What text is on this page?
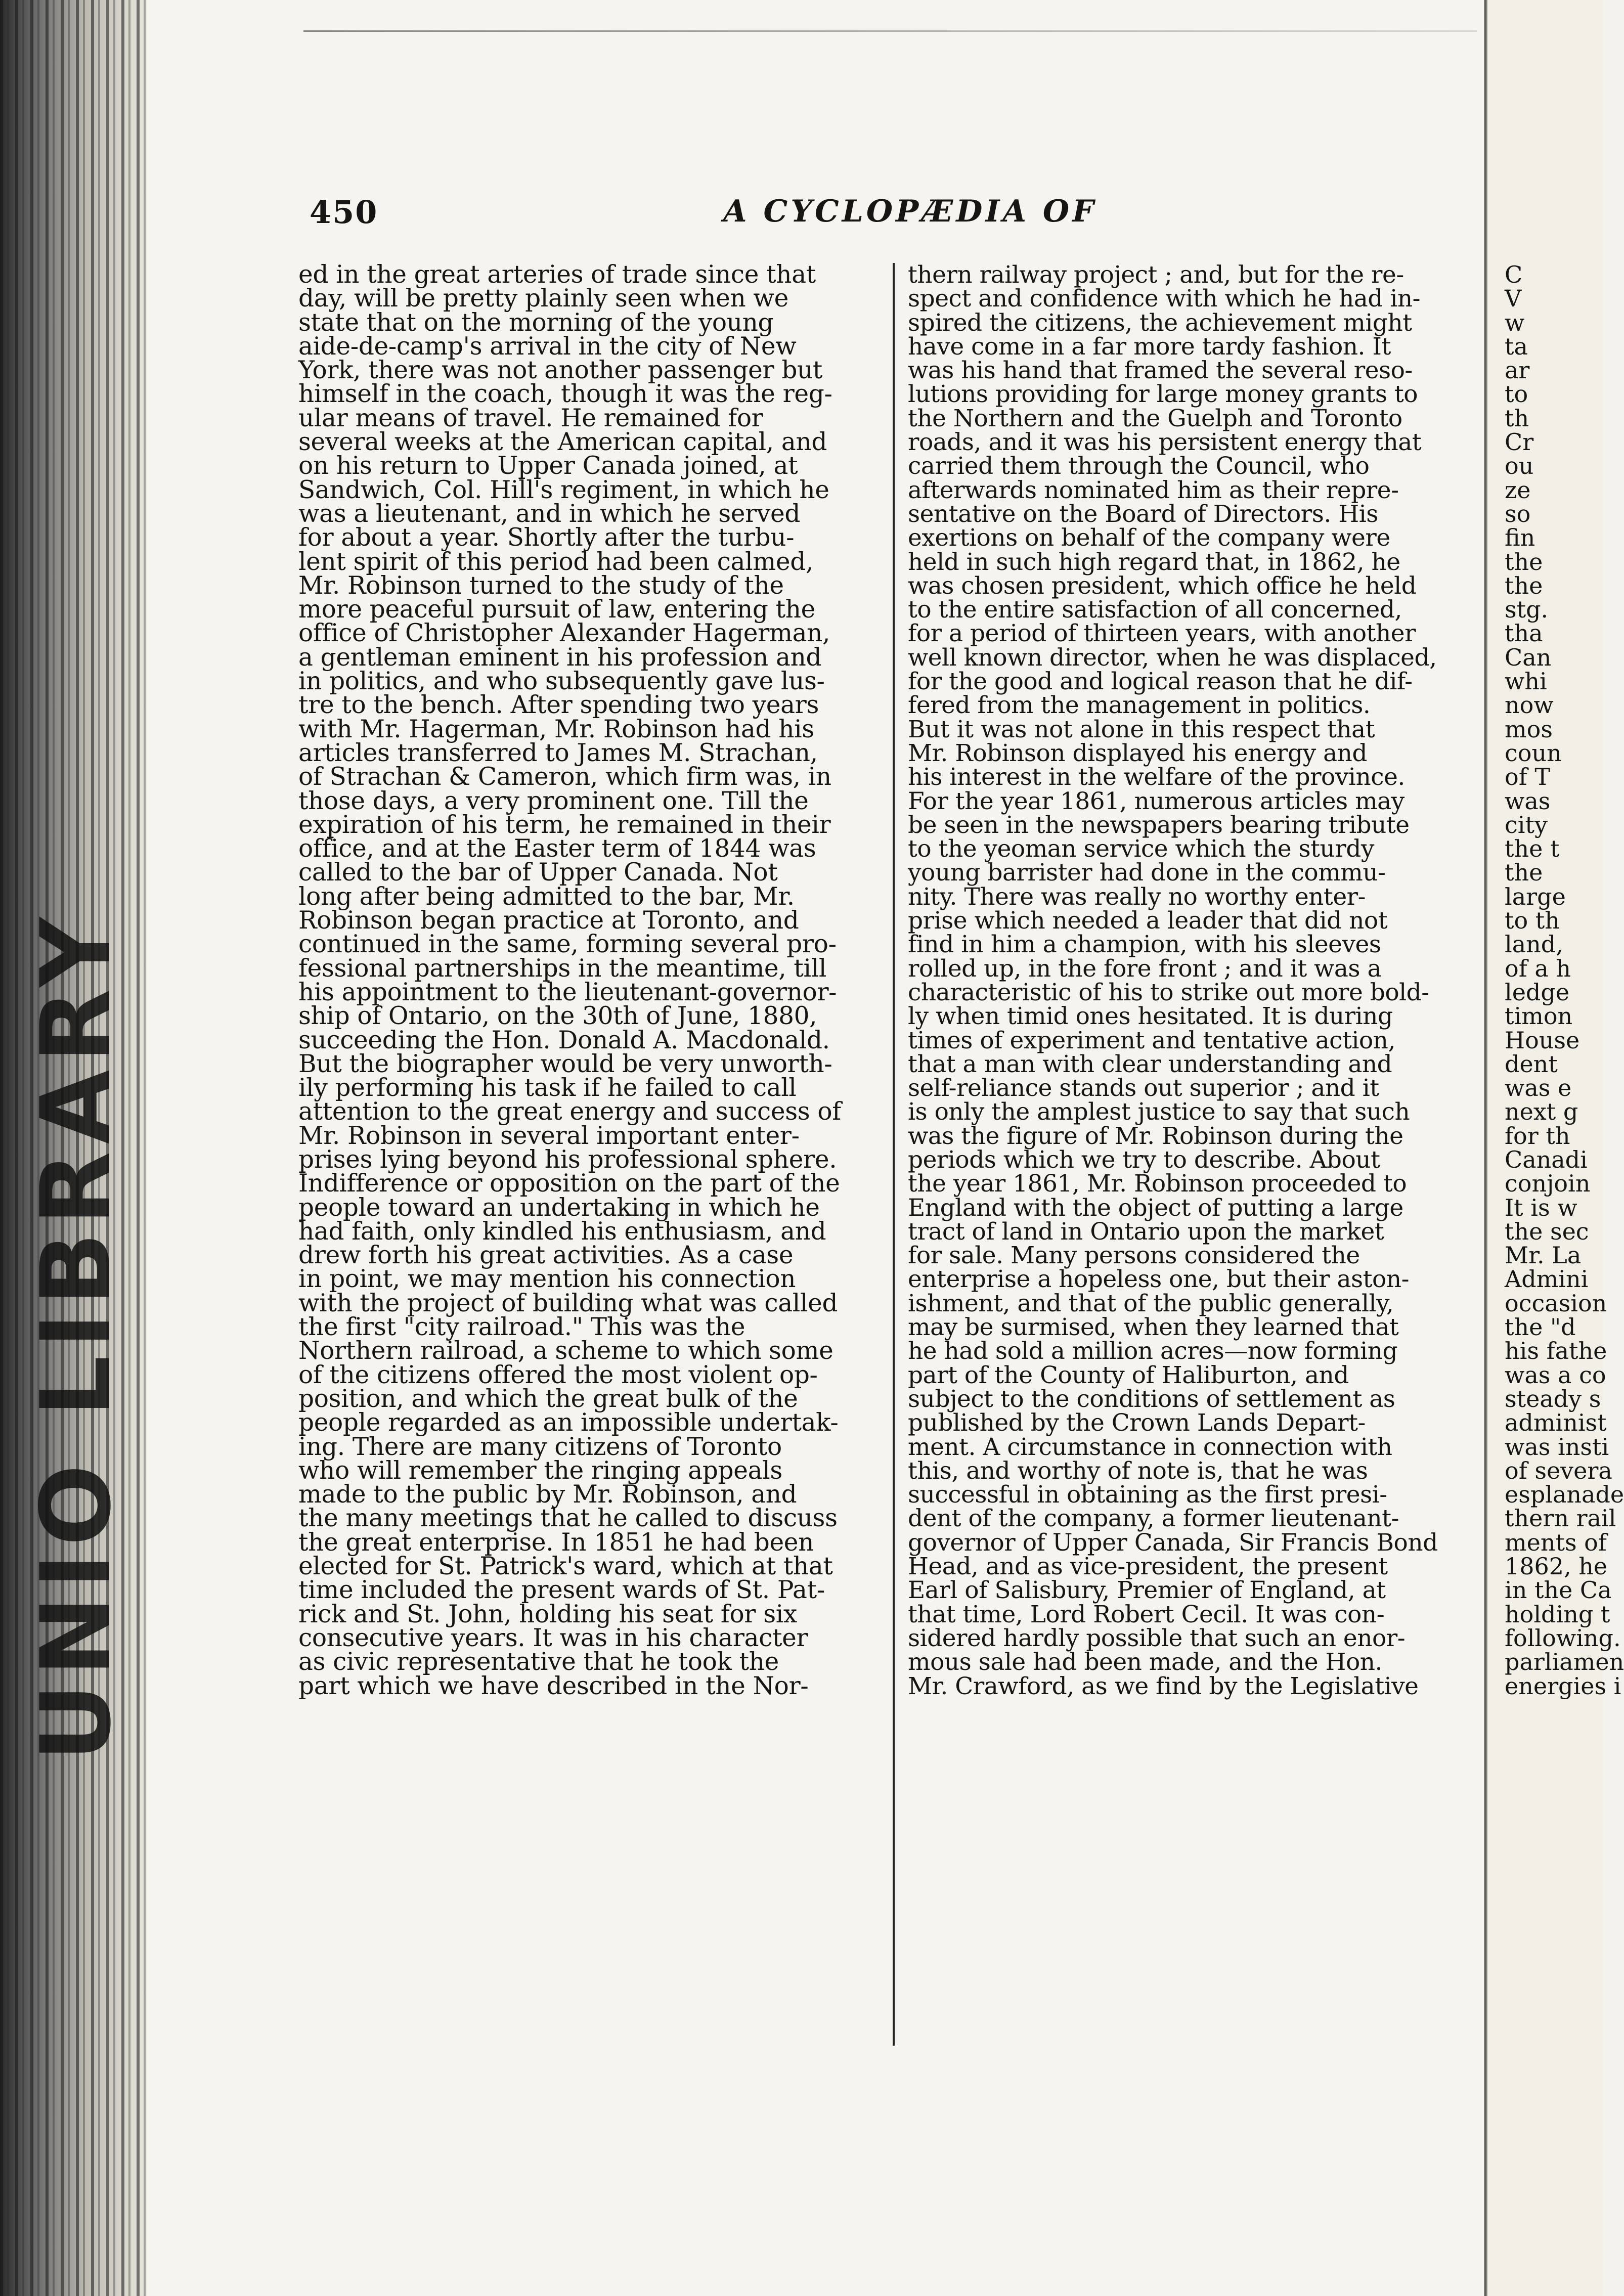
UNIO LIBRARY
450	A CYCLOPÆDIA OF
ed in the great arteries of trade since that
day, will be pretty plainly seen when we
state that on the morning of the young
aide-de-camp's arrival in the city of New
York, there was not another passenger but
himself in the coach, though it was the reg-
ular means of travel. He remained for
several weeks at the American capital, and
on his return to Upper Canada joined, at
Sandwich, Col. Hill's regiment, in which he
was a lieutenant, and in which he served
for about a year. Shortly after the turbu-
lent spirit of this period had been calmed,
Mr. Robinson turned to the study of the
more peaceful pursuit of law, entering the
office of Christopher Alexander Hagerman,
a gentleman eminent in his profession and
in politics, and who subsequently gave lus-
tre to the bench. After spending two years
with Mr. Hagerman, Mr. Robinson had his
articles transferred to James M. Strachan,
of Strachan & Cameron, which firm was, in
those days, a very prominent one. Till the
expiration of his term, he remained in their
office, and at the Easter term of 1844 was
called to the bar of Upper Canada. Not
long after being admitted to the bar, Mr.
Robinson began practice at Toronto, and
continued in the same, forming several pro-
fessional partnerships in the meantime, till
his appointment to the lieutenant-governor-
ship of Ontario, on the 30th of June, 1880,
succeeding the Hon. Donald A. Macdonald.
But the biographer would be very unworth-
ily performing his task if he failed to call
attention to the great energy and success of
Mr. Robinson in several important enter-
prises lying beyond his professional sphere.
Indifference or opposition on the part of the
people toward an undertaking in which he
had faith, only kindled his enthusiasm, and
drew forth his great activities. As a case
in point, we may mention his connection
with the project of building what was called
the first "city railroad." This was the
Northern railroad, a scheme to which some
of the citizens offered the most violent op-
position, and which the great bulk of the
people regarded as an impossible undertak-
ing. There are many citizens of Toronto
who will remember the ringing appeals
made to the public by Mr. Robinson, and
the many meetings that he called to discuss
the great enterprise. In 1851 he had been
elected for St. Patrick's ward, which at that
time included the present wards of St. Pat-
rick and St. John, holding his seat for six
consecutive years. It was in his character
as civic representative that he took the
part which we have described in the Nor-
thern railway project ; and, but for the re-
spect and confidence with which he had in-
spired the citizens, the achievement might
have come in a far more tardy fashion. It
was his hand that framed the several reso-
lutions providing for large money grants to
the Northern and the Guelph and Toronto
roads, and it was his persistent energy that
carried them through the Council, who
afterwards nominated him as their repre-
sentative on the Board of Directors. His
exertions on behalf of the company were
held in such high regard that, in 1862, he
was chosen president, which office he held
to the entire satisfaction of all concerned,
for a period of thirteen years, with another
well known director, when he was displaced,
for the good and logical reason that he dif-
fered from the management in politics.
But it was not alone in this respect that
Mr. Robinson displayed his energy and
his interest in the welfare of the province.
For the year 1861, numerous articles may
be seen in the newspapers bearing tribute
to the yeoman service which the sturdy
young barrister had done in the commu-
nity. There was really no worthy enter-
prise which needed a leader that did not
find in him a champion, with his sleeves
rolled up, in the fore front ; and it was a
characteristic of his to strike out more bold-
ly when timid ones hesitated. It is during
times of experiment and tentative action,
that a man with clear understanding and
self-reliance stands out superior ; and it
is only the amplest justice to say that such
was the figure of Mr. Robinson during the
periods which we try to describe. About
the year 1861, Mr. Robinson proceeded to
England with the object of putting a large
tract of land in Ontario upon the market
for sale. Many persons considered the
enterprise a hopeless one, but their aston-
ishment, and that of the public generally,
may be surmised, when they learned that
he had sold a million acres—now forming
part of the County of Haliburton, and
subject to the conditions of settlement as
published by the Crown Lands Depart-
ment. A circumstance in connection with
this, and worthy of note is, that he was
successful in obtaining as the first presi-
dent of the company, a former lieutenant-
governor of Upper Canada, Sir Francis Bond
Head, and as vice-president, the present
Earl of Salisbury, Premier of England, at
that time, Lord Robert Cecil. It was con-
sidered hardly possible that such an enor-
mous sale had been made, and the Hon.
Mr. Crawford, as we find by the Legislative
C
V
w
ta
ar
to
th
Cr
ou
ze
so
fin
the
the
stg.
tha
Can
whi
now
mos
coun
of T
was
city
the t
the
large
to th
land,
of a h
ledge
timon
House
dent
was e
next g
for th
Canadi
conjoin
It is w
the sec
Mr. La
Admini
occasion
the "d
his fathe
was a co
steady s
administ
was insti
of severa
esplanade
thern rail
ments of
1862, he
in the Ca
holding t
following.
parliamen
energies i
